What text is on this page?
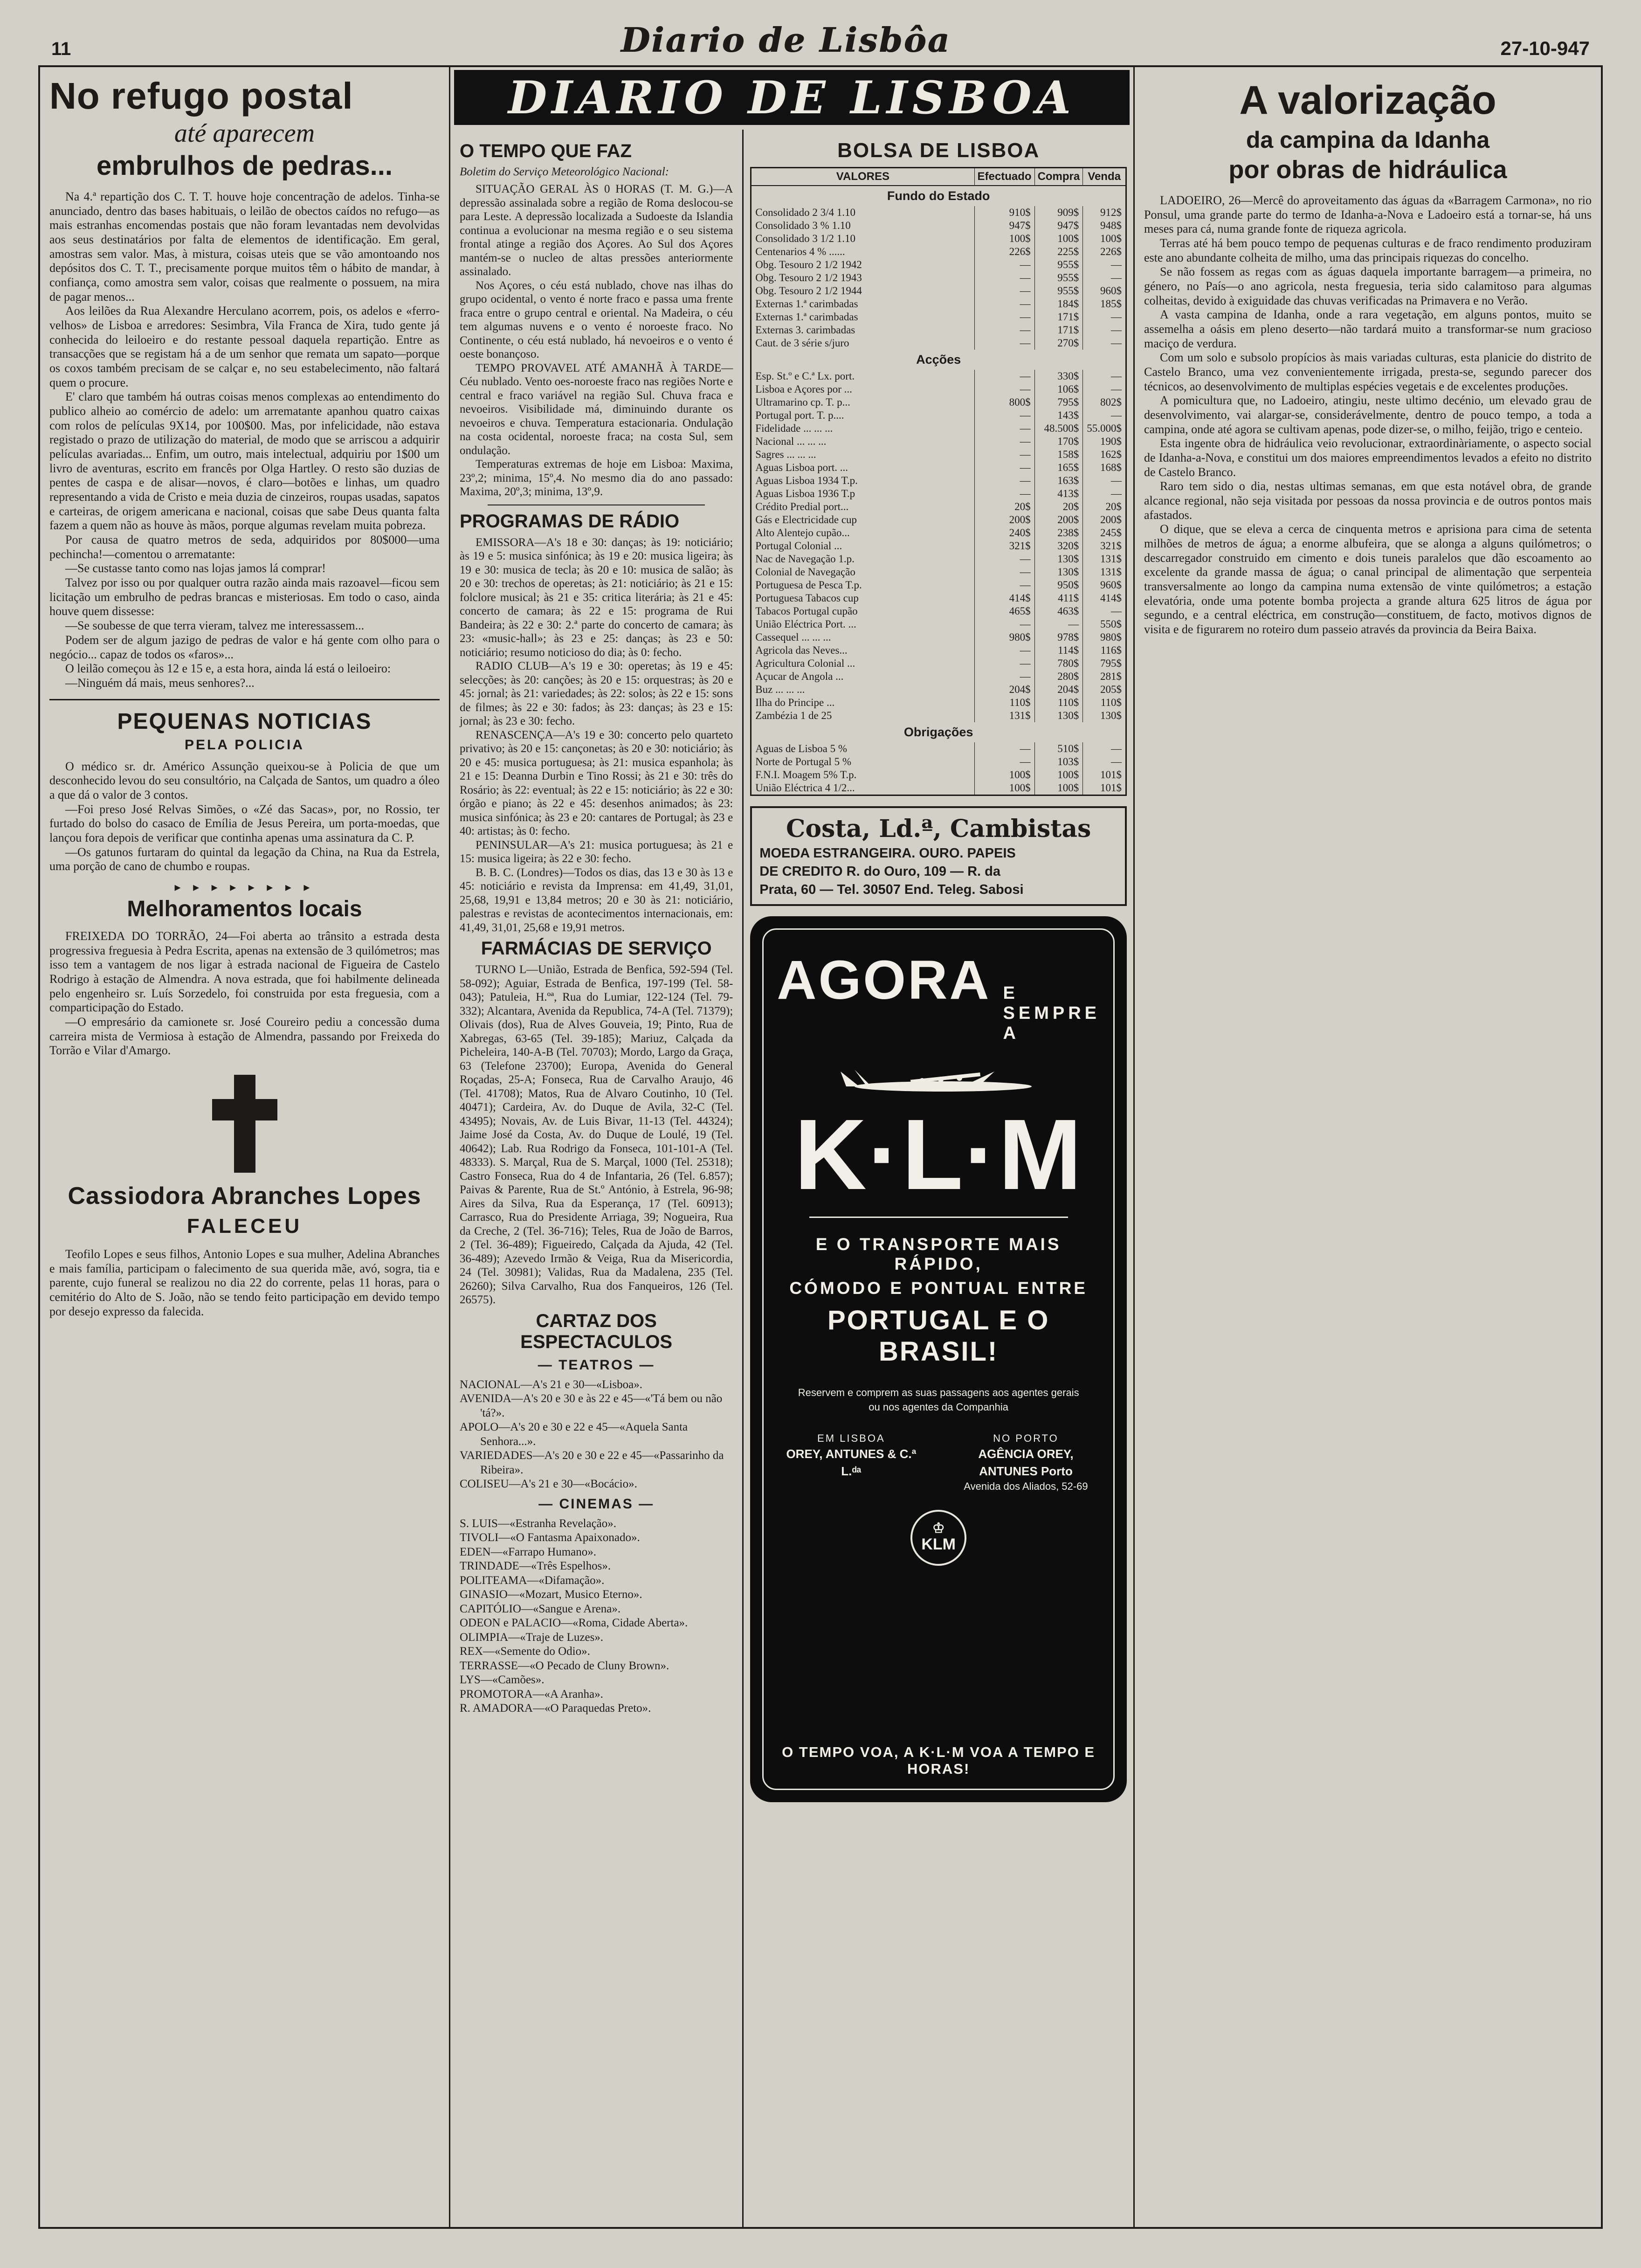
11	Diario de Lisbôa	27-10-947
No refugo postal
até aparecem
embrulhos de pedras...

Na 4.ª repartição dos C. T. T. houve hoje concentração de adelos. Tinha-se anunciado, dentro das bases habituais, o leilão de obectos caídos no refugo—as mais estranhas encomendas postais que não foram levantadas nem devolvidas aos seus destinatários por falta de elementos de identificação. Em geral, amostras sem valor. Mas, à mistura, coisas uteis que se vão amontoando nos depósitos dos C. T. T., precisamente porque muitos têm o hábito de mandar, à confiança, como amostra sem valor, coisas que realmente o possuem, na mira de pagar menos...

Aos leilões da Rua Alexandre Herculano acorrem, pois, os adelos e «ferro-velhos» de Lisboa e arredores: Sesimbra, Vila Franca de Xira, tudo gente já conhecida do leiloeiro e do restante pessoal daquela repartição. Entre as transacções que se registam há a de um senhor que remata um sapato—porque os coxos também precisam de se calçar e, no seu estabelecimento, não faltará quem o procure.

E' claro que também há outras coisas menos complexas ao entendimento do publico alheio ao comércio de adelo: um arrematante apanhou quatro caixas com rolos de películas 9X14, por 100$00. Mas, por infelicidade, não estava registado o prazo de utilização do material, de modo que se arriscou a adquirir películas avariadas... Enfim, um outro, mais intelectual, adquiriu por 1$00 um livro de aventuras, escrito em francês por Olga Hartley. O resto são duzias de pentes de caspa e de alisar—novos, é claro—botões e linhas, um quadro representando a vida de Cristo e meia duzia de cinzeiros, roupas usadas, sapatos e carteiras, de origem americana e nacional, coisas que sabe Deus quanta falta fazem a quem não as houve às mãos, porque algumas revelam muita pobreza.

Por causa de quatro metros de seda, adquiridos por 80$000—uma pechincha!—comentou o arrematante:

—Se custasse tanto como nas lojas jamos lá comprar!

Talvez por isso ou por qualquer outra razão ainda mais razoavel—ficou sem licitação um embrulho de pedras brancas e misteriosas. Em todo o caso, ainda houve quem dissesse:

—Se soubesse de que terra vieram, talvez me interessassem...

Podem ser de algum jazigo de pedras de valor e há gente com olho para o negócio... capaz de todos os «faros»...

O leilão começou às 12 e 15 e, a esta hora, ainda lá está o leiloeiro:

—Ninguém dá mais, meus senhores?...

PEQUENAS NOTICIAS
PELA POLICIA

O médico sr. dr. Américo Assunção queixou-se à Policia de que um desconhecido levou do seu consultório, na Calçada de Santos, um quadro a óleo a que dá o valor de 3 contos.

—Foi preso José Relvas Simões, o «Zé das Sacas», por, no Rossio, ter furtado do bolso do casaco de Emília de Jesus Pereira, um porta-moedas, que lançou fora depois de verificar que continha apenas uma assinatura da C. P.

—Os gatunos furtaram do quintal da legação da China, na Rua da Estrela, uma porção de cano de chumbo e roupas.

▸ ▸ ▸ ▸ ▸ ▸ ▸ ▸
Melhoramentos locais

FREIXEDA DO TORRÃO, 24—Foi aberta ao trânsito a estrada desta progressiva freguesia à Pedra Escrita, apenas na extensão de 3 quilómetros; mas isso tem a vantagem de nos ligar à estrada nacional de Figueira de Castelo Rodrigo à estação de Almendra. A nova estrada, que foi habilmente delineada pelo engenheiro sr. Luís Sorzedelo, foi construida por esta freguesia, com a comparticipação do Estado.

—O empresário da camionete sr. José Coureiro pediu a concessão duma carreira mista de Vermiosa à estação de Almendra, passando por Freixeda do Torrão e Vilar d'Amargo.

Cassiodora Abranches Lopes
FALECEU

Teofilo Lopes e seus filhos, Antonio Lopes e sua mulher, Adelina Abranches e mais família, participam o falecimento de sua querida mãe, avó, sogra, tia e parente, cujo funeral se realizou no dia 22 do corrente, pelas 11 horas, para o cemitério do Alto de S. João, não se tendo feito participação em devido tempo por desejo expresso da falecida.

DIARIO DE LISBOA
O TEMPO QUE FAZ
Boletim do Serviço Meteorológico Nacional:

SITUAÇÃO GERAL ÀS 0 HORAS (T. M. G.)—A depressão assinalada sobre a região de Roma deslocou-se para Leste. A depressão localizada a Sudoeste da Islandia continua a evolucionar na mesma região e o seu sistema frontal atinge a região dos Açores. Ao Sul dos Açores mantém-se o nucleo de altas pressões anteriormente assinalado.

Nos Açores, o céu está nublado, chove nas ilhas do grupo ocidental, o vento é norte fraco e passa uma frente fraca entre o grupo central e oriental. Na Madeira, o céu tem algumas nuvens e o vento é noroeste fraco. No Continente, o céu está nublado, há nevoeiros e o vento é oeste bonançoso.

TEMPO PROVAVEL ATÉ AMANHÃ À TARDE—Céu nublado. Vento oes-noroeste fraco nas regiões Norte e central e fraco variável na região Sul. Chuva fraca e nevoeiros. Visibilidade má, diminuindo durante os nevoeiros e chuva. Temperatura estacionaria. Ondulação na costa ocidental, noroeste fraca; na costa Sul, sem ondulação.

Temperaturas extremas de hoje em Lisboa: Maxima, 23º,2; minima, 15º,4. No mesmo dia do ano passado: Maxima, 20º,3; minima, 13º,9.

PROGRAMAS DE RÁDIO

EMISSORA—A's 18 e 30: danças; às 19: noticiário; às 19 e 5: musica sinfónica; às 19 e 20: musica ligeira; às 19 e 30: musica de tecla; às 20 e 10: musica de salão; às 20 e 30: trechos de operetas; às 21: noticiário; às 21 e 15: folclore musical; às 21 e 35: critica literária; às 21 e 45: concerto de camara; às 22 e 15: programa de Rui Bandeira; às 22 e 30: 2.ª parte do concerto de camara; às 23: «music-hall»; às 23 e 25: danças; às 23 e 50: noticiário; resumo noticioso do dia; às 0: fecho.

RADIO CLUB—A's 19 e 30: operetas; às 19 e 45: selecções; às 20: canções; às 20 e 15: orquestras; às 20 e 45: jornal; às 21: variedades; às 22: solos; às 22 e 15: sons de filmes; às 22 e 30: fados; às 23: danças; às 23 e 15: jornal; às 23 e 30: fecho.

RENASCENÇA—A's 19 e 30: concerto pelo quarteto privativo; às 20 e 15: cançonetas; às 20 e 30: noticiário; às 20 e 45: musica portuguesa; às 21: musica espanhola; às 21 e 15: Deanna Durbin e Tino Rossi; às 21 e 30: três do Rosário; às 22: eventual; às 22 e 15: noticiário; às 22 e 30: órgão e piano; às 22 e 45: desenhos animados; às 23: musica sinfónica; às 23 e 20: cantares de Portugal; às 23 e 40: artistas; às 0: fecho.

PENINSULAR—A's 21: musica portuguesa; às 21 e 15: musica ligeira; às 22 e 30: fecho.

B. B. C. (Londres)—Todos os dias, das 13 e 30 às 13 e 45: noticiário e revista da Imprensa: em 41,49, 31,01, 25,68, 19,91 e 13,84 metros; 20 e 30 às 21: noticiário, palestras e revistas de acontecimentos internacionais, em: 41,49, 31,01, 25,68 e 19,91 metros.

FARMÁCIAS DE SERVIÇO

TURNO L—União, Estrada de Benfica, 592-594 (Tel. 58-092); Aguiar, Estrada de Benfica, 197-199 (Tel. 58-043); Patuleia, H.ºª, Rua do Lumiar, 122-124 (Tel. 79-332); Alcantara, Avenida da Republica, 74-A (Tel. 71379); Olivais (dos), Rua de Alves Gouveia, 19; Pinto, Rua de Xabregas, 63-65 (Tel. 39-185); Mariuz, Calçada da Picheleira, 140-A-B (Tel. 70703); Mordo, Largo da Graça, 63 (Telefone 23700); Europa, Avenida do General Roçadas, 25-A; Fonseca, Rua de Carvalho Araujo, 46 (Tel. 41708); Matos, Rua de Alvaro Coutinho, 10 (Tel. 40471); Cardeira, Av. do Duque de Avila, 32-C (Tel. 43495); Novais, Av. de Luis Bivar, 11-13 (Tel. 44324); Jaime José da Costa, Av. do Duque de Loulé, 19 (Tel. 40642); Lab. Rua Rodrigo da Fonseca, 101-101-A (Tel. 48333). S. Marçal, Rua de S. Marçal, 1000 (Tel. 25318); Castro Fonseca, Rua do 4 de Infantaria, 26 (Tel. 6.857); Paivas & Parente, Rua de St.º António, à Estrela, 96-98; Aires da Silva, Rua da Esperança, 17 (Tel. 60913); Carrasco, Rua do Presidente Arriaga, 39; Nogueira, Rua da Creche, 2 (Tel. 36-716); Teles, Rua de João de Barros, 2 (Tel. 36-489); Figueiredo, Calçada da Ajuda, 42 (Tel. 36-489); Azevedo Irmão & Veiga, Rua da Misericordia, 24 (Tel. 30981); Validas, Rua da Madalena, 235 (Tel. 26260); Silva Carvalho, Rua dos Fanqueiros, 126 (Tel. 26575).

CARTAZ DOS ESPECTACULOS
— TEATROS —
NACIONAL—A's 21 e 30—«Lisboa».
AVENIDA—A's 20 e 30 e às 22 e 45—«'Tá bem ou não 'tá?».
APOLO—A's 20 e 30 e 22 e 45—«Aquela Santa Senhora...».
VARIEDADES—A's 20 e 30 e 22 e 45—«Passarinho da Ribeira».
COLISEU—A's 21 e 30—«Bocácio».
— CINEMAS —
S. LUIS—«Estranha Revelação».
TIVOLI—«O Fantasma Apaixonado».
EDEN—«Farrapo Humano».
TRINDADE—«Três Espelhos».
POLITEAMA—«Difamação».
GINASIO—«Mozart, Musico Eterno».
CAPITÓLIO—«Sangue e Arena».
ODEON e PALACIO—«Roma, Cidade Aberta».
OLIMPIA—«Traje de Luzes».
REX—«Semente do Odio».
TERRASSE—«O Pecado de Cluny Brown».
LYS—«Camões».
PROMOTORA—«A Aranha».
R. AMADORA—«O Paraquedas Preto».
BOLSA DE LISBOA
VALORES	Efectuado	Compra	Venda
Fundo do Estado			
Consolidado 2 3/4 1.10	910$	909$	912$
Consolidado 3 % 1.10	947$	947$	948$
Consolidado 3 1/2 1.10	100$	100$	100$
Centenarios 4 % ......	226$	225$	226$
Obg. Tesouro 2 1/2 1942	—	955$	—
Obg. Tesouro 2 1/2 1943	—	955$	—
Obg. Tesouro 2 1/2 1944	—	955$	960$
Externas 1.ª carimbadas	—	184$	185$
Externas 1.ª carimbadas	—	171$	—
Externas 3. carimbadas	—	171$	—
Caut. de 3 série s/juro	—	270$	—
Acções			
Esp. St.º e C.ª Lx. port.	—	330$	—
Lisboa e Açores por ...	—	106$	—
Ultramarino cp. T. p...	800$	795$	802$
Portugal port. T. p....	—	143$	—
Fidelidade ... ... ...	—	48.500$	55.000$
Nacional ... ... ...	—	170$	190$
Sagres ... ... ...	—	158$	162$
Aguas Lisboa port. ...	—	165$	168$
Aguas Lisboa 1934 T.p.	—	163$	—
Aguas Lisboa 1936 T.p	—	413$	—
Crédito Predial port...	20$	20$	20$
Gás e Electricidade cup	200$	200$	200$
Alto Alentejo cupão...	240$	238$	245$
Portugal Colonial ...	321$	320$	321$
Nac de Navegação 1.p.	—	130$	131$
Colonial de Navegação	—	130$	131$
Portuguesa de Pesca T.p.	—	950$	960$
Portuguesa Tabacos cup	414$	411$	414$
Tabacos Portugal cupão	465$	463$	—
União Eléctrica Port. ...	—	—	550$
Cassequel ... ... ...	980$	978$	980$
Agricola das Neves...	—	114$	116$
Agricultura Colonial ...	—	780$	795$
Açucar de Angola ...	—	280$	281$
Buz ... ... ...	204$	204$	205$
Ilha do Principe ...	110$	110$	110$
Zambézia 1 de 25	131$	130$	130$
Obrigações			
Aguas de Lisboa 5 %	—	510$	—
Norte de Portugal 5 %	—	103$	—
F.N.I. Moagem 5% T.p.	100$	100$	101$
União Eléctrica 4 1/2...	100$	100$	101$
Costa, Ld.ª, Cambistas
MOEDA ESTRANGEIRA. OURO. PAPEIS
DE CREDITO R. do Ouro, 109 — R. da
Prata, 60 — Tel. 30507 End. Teleg. Sabosi
AGORA E SEMPRE A
K·L·M
E O TRANSPORTE MAIS RÁPIDO,
CÓMODO E PONTUAL ENTRE
PORTUGAL E O BRASIL!
Reservem e comprem as suas passagens aos agentes gerais
ou nos agentes da Companhia
EM LISBOA
OREY, ANTUNES & C.ª L.ᵈᵃ
NO PORTO
AGÊNCIA OREY, ANTUNES Porto
Avenida dos Aliados, 52-69
♔
KLM
O TEMPO VOA, A K·L·M VOA A TEMPO E HORAS!
A valorização
da campina da Idanha
por obras de hidráulica

LADOEIRO, 26—Mercê do aproveitamento das águas da «Barragem Carmona», no rio Ponsul, uma grande parte do termo de Idanha-a-Nova e Ladoeiro está a tornar-se, há uns meses para cá, numa grande fonte de riqueza agricola.

Terras até há bem pouco tempo de pequenas culturas e de fraco rendimento produziram este ano abundante colheita de milho, uma das principais riquezas do concelho.

Se não fossem as regas com as águas daquela importante barragem—a primeira, no género, no País—o ano agricola, nesta freguesia, teria sido calamitoso para algumas colheitas, devido à exiguidade das chuvas verificadas na Primavera e no Verão.

A vasta campina de Idanha, onde a rara vegetação, em alguns pontos, muito se assemelha a oásis em pleno deserto—não tardará muito a transformar-se num gracioso maciço de verdura.

Com um solo e subsolo propícios às mais variadas culturas, esta planicie do distrito de Castelo Branco, uma vez convenientemente irrigada, presta-se, segundo parecer dos técnicos, ao desenvolvimento de multiplas espécies vegetais e de excelentes produções.

A pomicultura que, no Ladoeiro, atingiu, neste ultimo decénio, um elevado grau de desenvolvimento, vai alargar-se, considerávelmente, dentro de pouco tempo, a toda a campina, onde até agora se cultivam apenas, pode dizer-se, o milho, feijão, trigo e centeio.

Esta ingente obra de hidráulica veio revolucionar, extraordinàriamente, o aspecto social de Idanha-a-Nova, e constitui um dos maiores empreendimentos levados a efeito no distrito de Castelo Branco.

Raro tem sido o dia, nestas ultimas semanas, em que esta notável obra, de grande alcance regional, não seja visitada por pessoas da nossa provincia e de outros pontos mais afastados.

O dique, que se eleva a cerca de cinquenta metros e aprisiona para cima de setenta milhões de metros de água; a enorme albufeira, que se alonga a alguns quilómetros; o descarregador construido em cimento e dois tuneis paralelos que dão escoamento ao excelente da grande massa de água; o canal principal de alimentação que serpenteia transversalmente ao longo da campina numa extensão de vinte quilómetros; a estação elevatória, onde uma potente bomba projecta a grande altura 625 litros de água por segundo, e a central eléctrica, em construção—constituem, de facto, motivos dignos de visita e de figurarem no roteiro dum passeio através da provincia da Beira Baixa.
